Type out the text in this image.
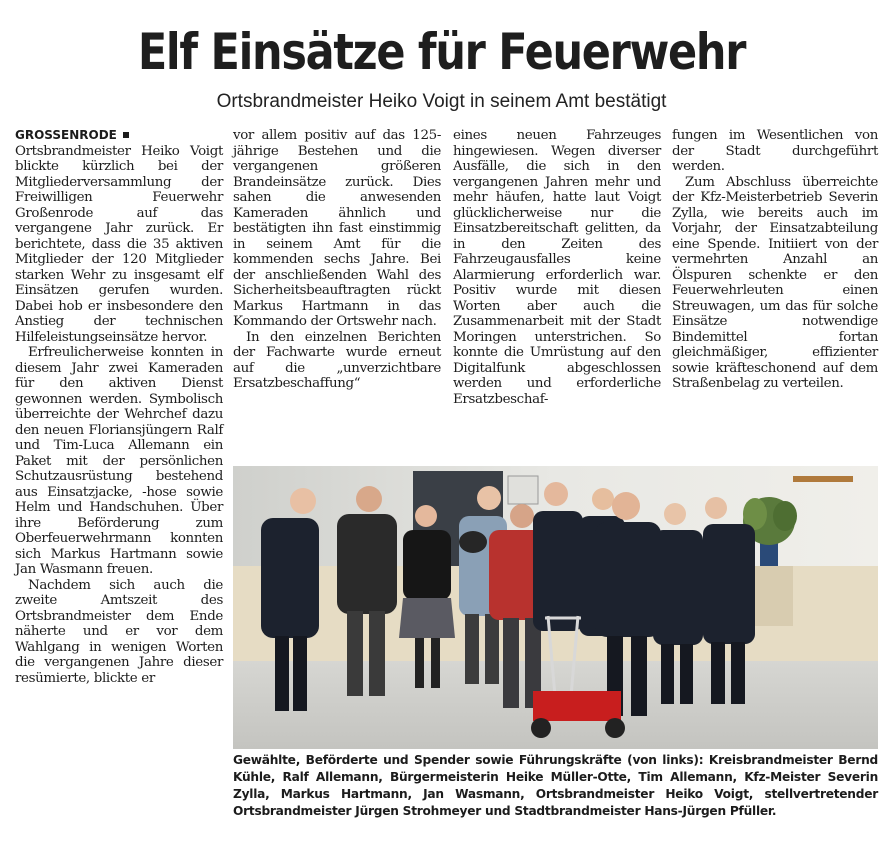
Elf Einsätze für Feuerwehr
Ortsbrandmeister Heiko Voigt in seinem Amt bestätigt

GROSSENRODEOrtsbrandmeister Heiko Voigt blickte kürzlich bei der Mitgliederversammlung der Freiwilligen Feuerwehr Großenrode auf das vergangene Jahr zurück. Er berichtete, dass die 35 aktiven Mitglieder der 120 Mitglieder starken Wehr zu insgesamt elf Einsätzen gerufen wurden. Dabei hob er insbesondere den Anstieg der technischen Hilfeleistungseinsätze hervor.

Erfreulicherweise konnten in diesem Jahr zwei Kameraden für den aktiven Dienst gewonnen werden. Symbolisch überreichte der Wehrchef dazu den neuen Floriansjüngern Ralf und Tim-Luca Allemann ein Paket mit der persönlichen Schutzausrüstung bestehend aus Einsatzjacke, -hose sowie Helm und Handschuhen. Über ihre Beförderung zum Oberfeuerwehrmann konnten sich Markus Hartmann sowie Jan Wasmann freuen.

Nachdem sich auch die zweite Amtszeit des Ortsbrandmeister dem Ende näherte und er vor dem Wahlgang in wenigen Worten die vergangenen Jahre dieser resümierte, blickte er

vor allem positiv auf das 125-jährige Bestehen und die vergangenen größeren Brandeinsätze zurück. Dies sahen die anwesenden Kameraden ähnlich und bestätigten ihn fast einstimmig in seinem Amt für die kommenden sechs Jahre. Bei der anschließenden Wahl des Sicherheitsbeauftragten rückt Markus Hartmann in das Kommando der Ortswehr nach.

In den einzelnen Berichten der Fachwarte wurde erneut auf die „unverzichtbare Ersatzbeschaffung“

eines neuen Fahrzeuges hingewiesen. Wegen diverser Ausfälle, die sich in den vergangenen Jahren mehr und mehr häufen, hatte laut Voigt glücklicherweise nur die Einsatzbereitschaft gelitten, da in den Zeiten des Fahrzeugausfalles keine Alarmierung erforderlich war. Positiv wurde mit diesen Worten aber auch die Zusammenarbeit mit der Stadt Moringen unterstrichen. So konnte die Umrüstung auf den Digitalfunk abgeschlossen werden und erforderliche Ersatzbeschaf-

fungen im Wesentlichen von der Stadt durchgeführt werden.

Zum Abschluss überreichte der Kfz-Meisterbetrieb Severin Zylla, wie bereits auch im Vorjahr, der Einsatzabteilung eine Spende. Initiiert von der vermehrten Anzahl an Ölspuren schenkte er den Feuerwehrleuten einen Streuwagen, um das für solche Einsätze notwendige Bindemittel fortan gleichmäßiger, effizienter sowie kräfteschonend auf dem Straßenbelag zu verteilen.

Gewählte, Beförderte und Spender sowie Führungskräfte (von links): Kreisbrandmeister Bernd Kühle, Ralf Allemann, Bürgermeisterin Heike Müller-Otte, Tim Allemann, Kfz-Meister Severin Zylla, Markus Hartmann, Jan Wasmann, Ortsbrandmeister Heiko Voigt, stellvertretender Ortsbrandmeister Jürgen Strohmeyer und Stadtbrandmeister Hans-Jürgen Pfüller.
